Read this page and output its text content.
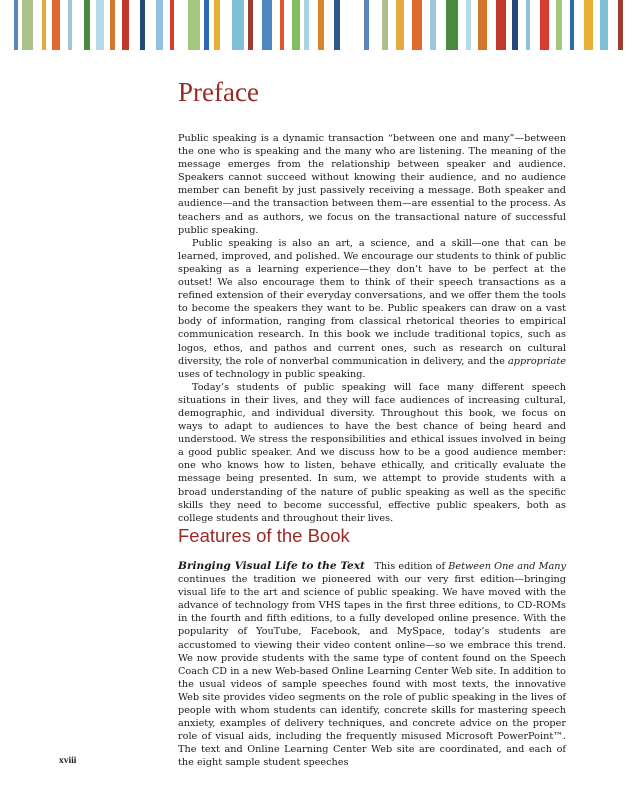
Preface

Public speaking is a dynamic transaction “between one and many”—between the one who is speaking and the many who are listening. The meaning of the message emerges from the relationship between speaker and audience. Speakers cannot succeed without knowing their audience, and no audience member can benefit by just passively receiving a message. Both speaker and audience—and the transaction between them—are essential to the process. As teachers and as authors, we focus on the transactional nature of successful public speaking.

Public speaking is also an art, a science, and a skill—one that can be learned, improved, and polished. We encourage our students to think of public speaking as a learning experience—they don’t have to be perfect at the outset! We also encourage them to think of their speech transactions as a refined extension of their everyday conversations, and we offer them the tools to become the speakers they want to be. Public speakers can draw on a vast body of information, ranging from classical rhetorical theories to empirical communication research. In this book we include traditional topics, such as logos, ethos, and pathos and current ones, such as research on cultural diversity, the role of nonverbal communication in delivery, and the appropriate uses of technology in public speaking.

Today’s students of public speaking will face many different speech situations in their lives, and they will face audiences of increasing cultural, demographic, and individual diversity. Throughout this book, we focus on ways to adapt to audiences to have the best chance of being heard and understood. We stress the responsibilities and ethical issues involved in being a good public speaker. And we discuss how to be a good audience member: one who knows how to listen, behave ethically, and critically evaluate the message being presented. In sum, we attempt to provide students with a broad understanding of the nature of public speaking as well as the specific skills they need to become successful, effective public speakers, both as college students and throughout their lives.

Features of the Book

Bringing Visual Life to the Text This edition of Between One and Many continues the tradition we pioneered with our very first edition—bringing visual life to the art and science of public speaking. We have moved with the advance of technology from VHS tapes in the first three editions, to CD-ROMs in the fourth and fifth editions, to a fully developed online presence. With the popularity of YouTube, Facebook, and MySpace, today’s students are accustomed to viewing their video content online—so we embrace this trend. We now provide students with the same type of content found on the Speech Coach CD in a new Web-based Online Learning Center Web site. In addition to the usual videos of sample speeches found with most texts, the innovative Web site provides video segments on the role of public speaking in the lives of people with whom students can identify, concrete skills for mastering speech anxiety, examples of delivery techniques, and concrete advice on the proper role of visual aids, including the frequently misused Microsoft PowerPoint™. The text and Online Learning Center Web site are coordinated, and each of the eight sample student speeches

xviii
